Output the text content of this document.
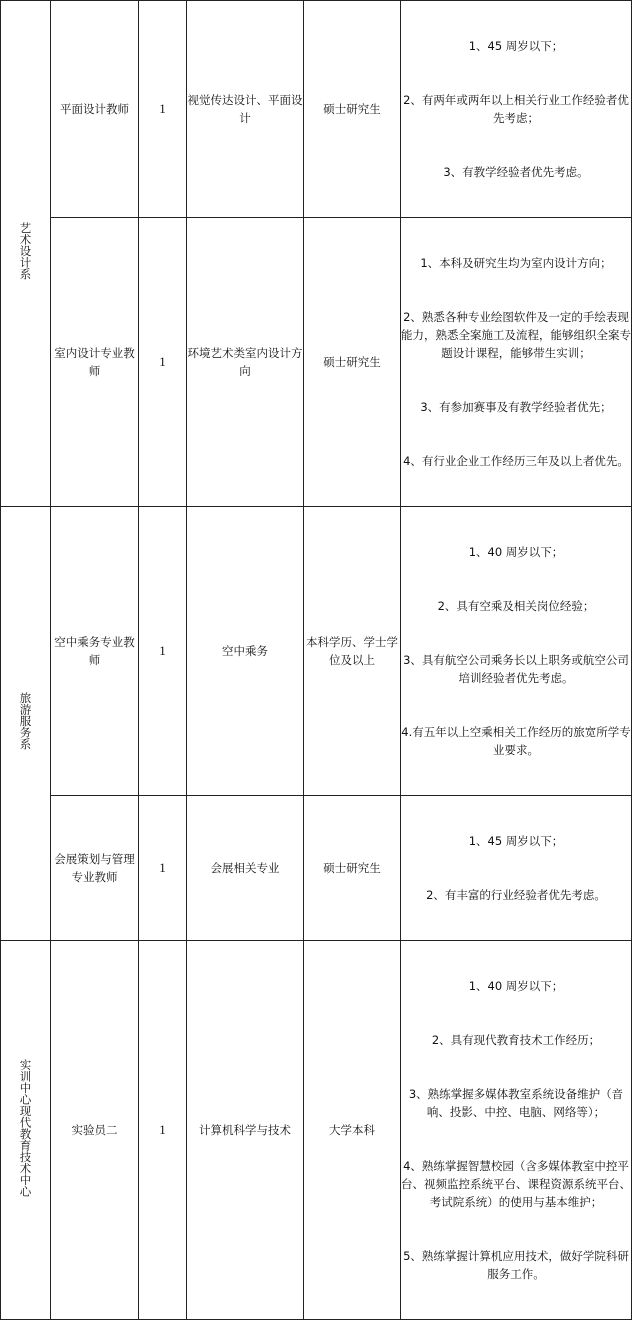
艺术设计系	平面设计教师	1	视觉传达设计、平面设计	硕士研究生	1、45 周岁以下；

2、有两年或两年以上相关行业工作经验者优先考虑；

3、有教学经验者优先考虑。

	室内设计专业教师	1	环境艺术类室内设计方向	硕士研究生	1、本科及研究生均为室内设计方向；

2、熟悉各种专业绘图软件及一定的手绘表现能力，熟悉全案施工及流程，能够组织全案专题设计课程，能够带生实训；

3、有参加赛事及有教学经验者优先；

4、有行业企业工作经历三年及以上者优先。

旅游服务系	空中乘务专业教师	1	空中乘务	本科学历、学士学位及以上	1、40 周岁以下；

2、具有空乘及相关岗位经验；

3、具有航空公司乘务长以上职务或航空公司培训经验者优先考虑。

4.有五年以上空乘相关工作经历的旅宽所学专业要求。

	会展策划与管理专业教师	1	会展相关专业	硕士研究生	1、45 周岁以下；

2、有丰富的行业经验者优先考虑。

实训中心现代教育技术中心	实验员二	1	计算机科学与技术	大学本科	1、40 周岁以下；

2、具有现代教育技术工作经历；

3、熟练掌握多媒体教室系统设备维护（音响、投影、中控、电脑、网络等）；

4、熟练掌握智慧校园（含多媒体教室中控平台、视频监控系统平台、课程资源系统平台、考试院系统）的使用与基本维护；

5、熟练掌握计算机应用技术，做好学院科研服务工作。
